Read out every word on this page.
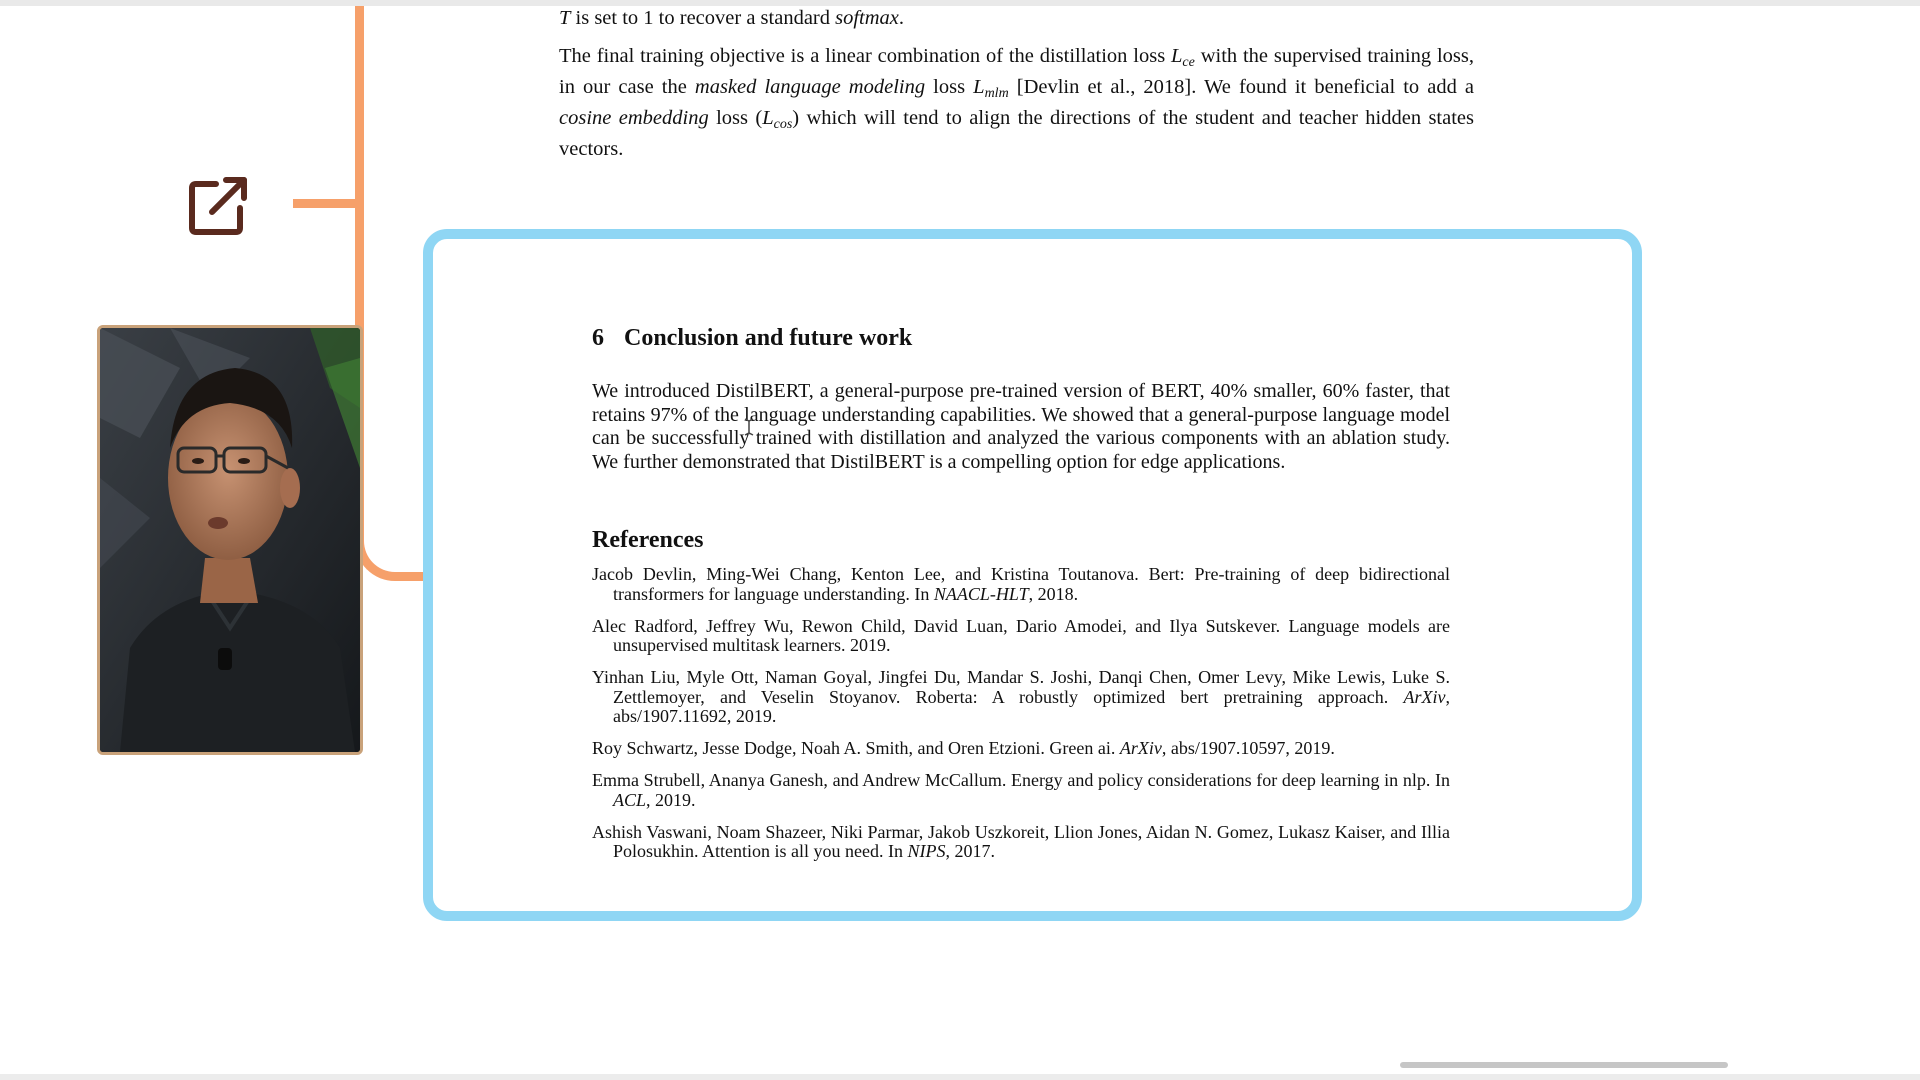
T is set to 1 to recover a standard softmax.

The final training objective is a linear combination of the distillation loss $L_{ce}$ with the supervised training loss, in our case the masked language modeling loss $L_{mlm}$ [Devlin et al., 2018]. We found it beneficial to add a cosine embedding loss $(L_{cos})$ which will tend to align the directions of the student and teacher hidden states vectors.

6 Conclusion and future work

We introduced DistilBERT, a general-purpose pre-trained version of BERT, 40% smaller, 60% faster, that retains 97% of the language understanding capabilities. We showed that a general-purpose language model can be successfully trained with distillation and analyzed the various components with an ablation study. We further demonstrated that DistilBERT is a compelling option for edge applications.

References
Jacob Devlin, Ming-Wei Chang, Kenton Lee, and Kristina Toutanova. Bert: Pre-training of deep bidirectional transformers for language understanding. In NAACL-HLT, 2018.
Alec Radford, Jeffrey Wu, Rewon Child, David Luan, Dario Amodei, and Ilya Sutskever. Language models are unsupervised multitask learners. 2019.
Yinhan Liu, Myle Ott, Naman Goyal, Jingfei Du, Mandar S. Joshi, Danqi Chen, Omer Levy, Mike Lewis, Luke S. Zettlemoyer, and Veselin Stoyanov. Roberta: A robustly optimized bert pretraining approach. ArXiv, abs/1907.11692, 2019.
Roy Schwartz, Jesse Dodge, Noah A. Smith, and Oren Etzioni. Green ai. ArXiv, abs/1907.10597, 2019.
Emma Strubell, Ananya Ganesh, and Andrew McCallum. Energy and policy considerations for deep learning in nlp. In ACL, 2019.
Ashish Vaswani, Noam Shazeer, Niki Parmar, Jakob Uszkoreit, Llion Jones, Aidan N. Gomez, Lukasz Kaiser, and Illia Polosukhin. Attention is all you need. In NIPS, 2017.
